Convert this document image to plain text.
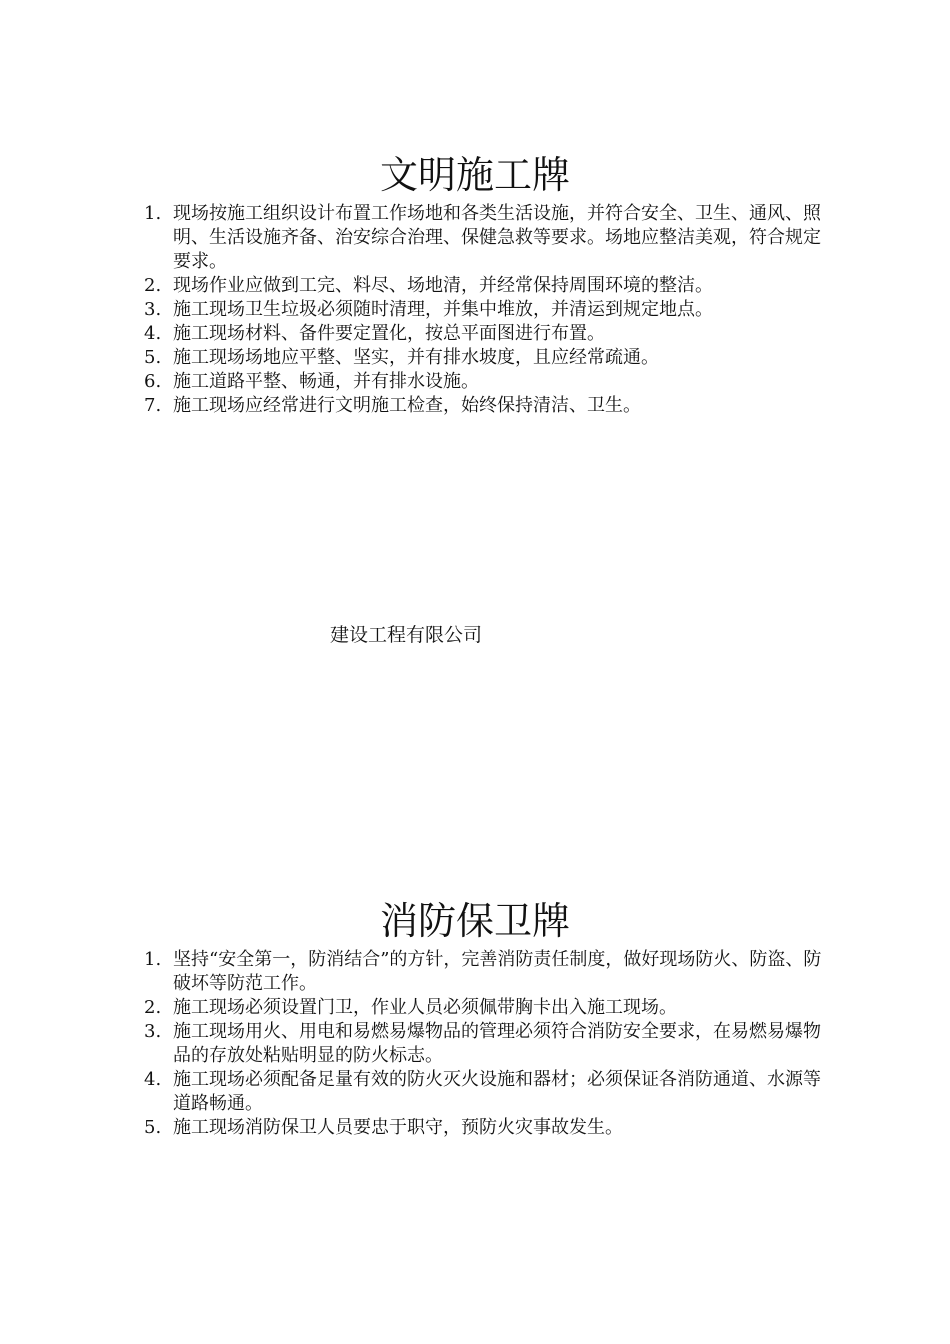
文明施工牌
1. 现场按施工组织设计布置工作场地和各类生活设施，并符合安全、卫生、通风、照明、生活设施齐备、治安综合治理、保健急救等要求。场地应整洁美观，符合规定要求。
2. 现场作业应做到工完、料尽、场地清，并经常保持周围环境的整洁。
3. 施工现场卫生垃圾必须随时清理，并集中堆放，并清运到规定地点。
4. 施工现场材料、备件要定置化，按总平面图进行布置。
5. 施工现场场地应平整、坚实，并有排水坡度，且应经常疏通。
6. 施工道路平整、畅通，并有排水设施。
7. 施工现场应经常进行文明施工检查，始终保持清洁、卫生。
建设工程有限公司
消防保卫牌
1. 坚持“安全第一，防消结合”的方针，完善消防责任制度，做好现场防火、防盗、防破坏等防范工作。
2. 施工现场必须设置门卫，作业人员必须佩带胸卡出入施工现场。
3. 施工现场用火、用电和易燃易爆物品的管理必须符合消防安全要求，在易燃易爆物品的存放处粘贴明显的防火标志。
4. 施工现场必须配备足量有效的防火灭火设施和器材；必须保证各消防通道、水源等道路畅通。
5. 施工现场消防保卫人员要忠于职守，预防火灾事故发生。
